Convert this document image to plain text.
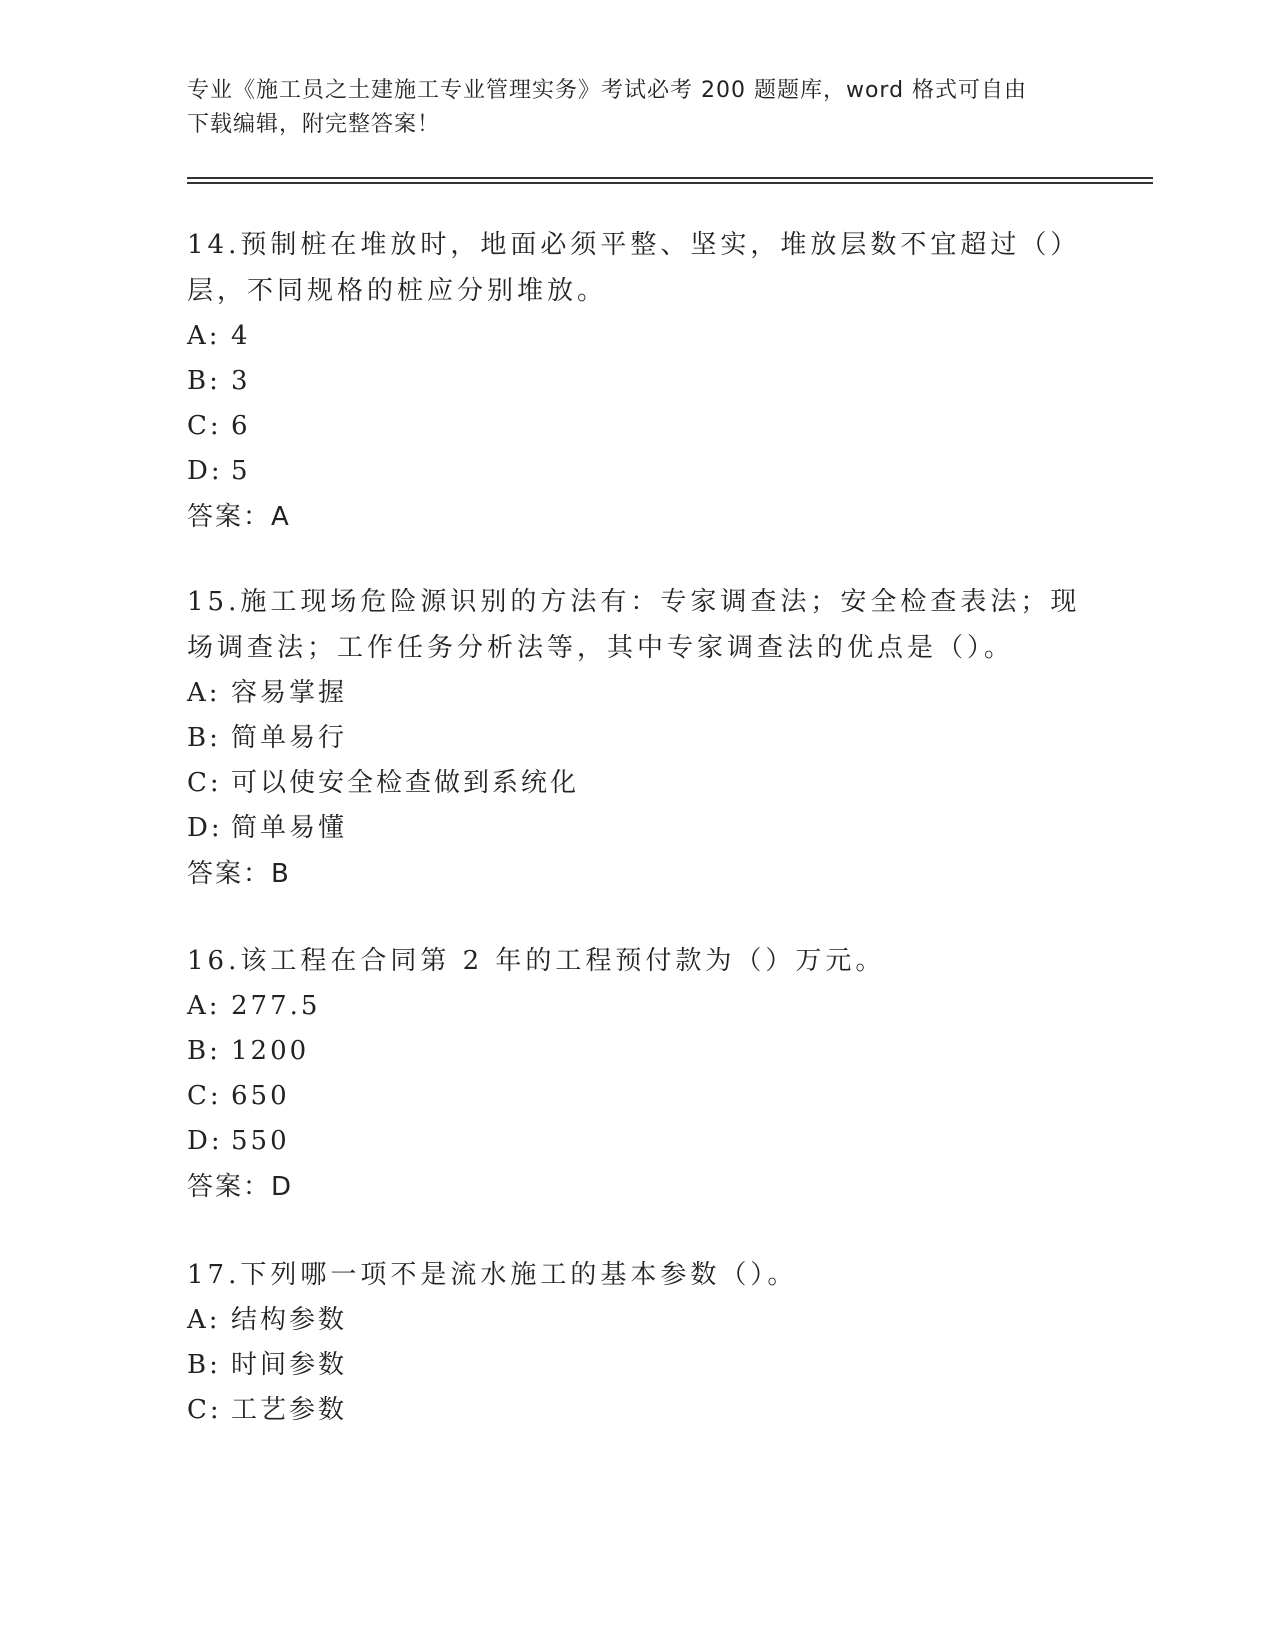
专业《施工员之土建施工专业管理实务》考试必考 200 题题库，word 格式可自由
下载编辑，附完整答案！

14.预制桩在堆放时，地面必须平整、坚实，堆放层数不宜超过（）层，不同规格的桩应分别堆放。

A: 4
B: 3
C: 6
D: 5
答案：A

15.施工现场危险源识别的方法有：专家调查法；安全检查表法；现场调查法；工作任务分析法等，其中专家调查法的优点是（）。

A: 容易掌握
B: 简单易行
C: 可以使安全检查做到系统化
D: 简单易懂
答案：B

16.该工程在合同第 2 年的工程预付款为（）万元。

A: 277.5
B: 1200
C: 650
D: 550
答案：D

17.下列哪一项不是流水施工的基本参数（）。

A: 结构参数
B: 时间参数
C: 工艺参数
